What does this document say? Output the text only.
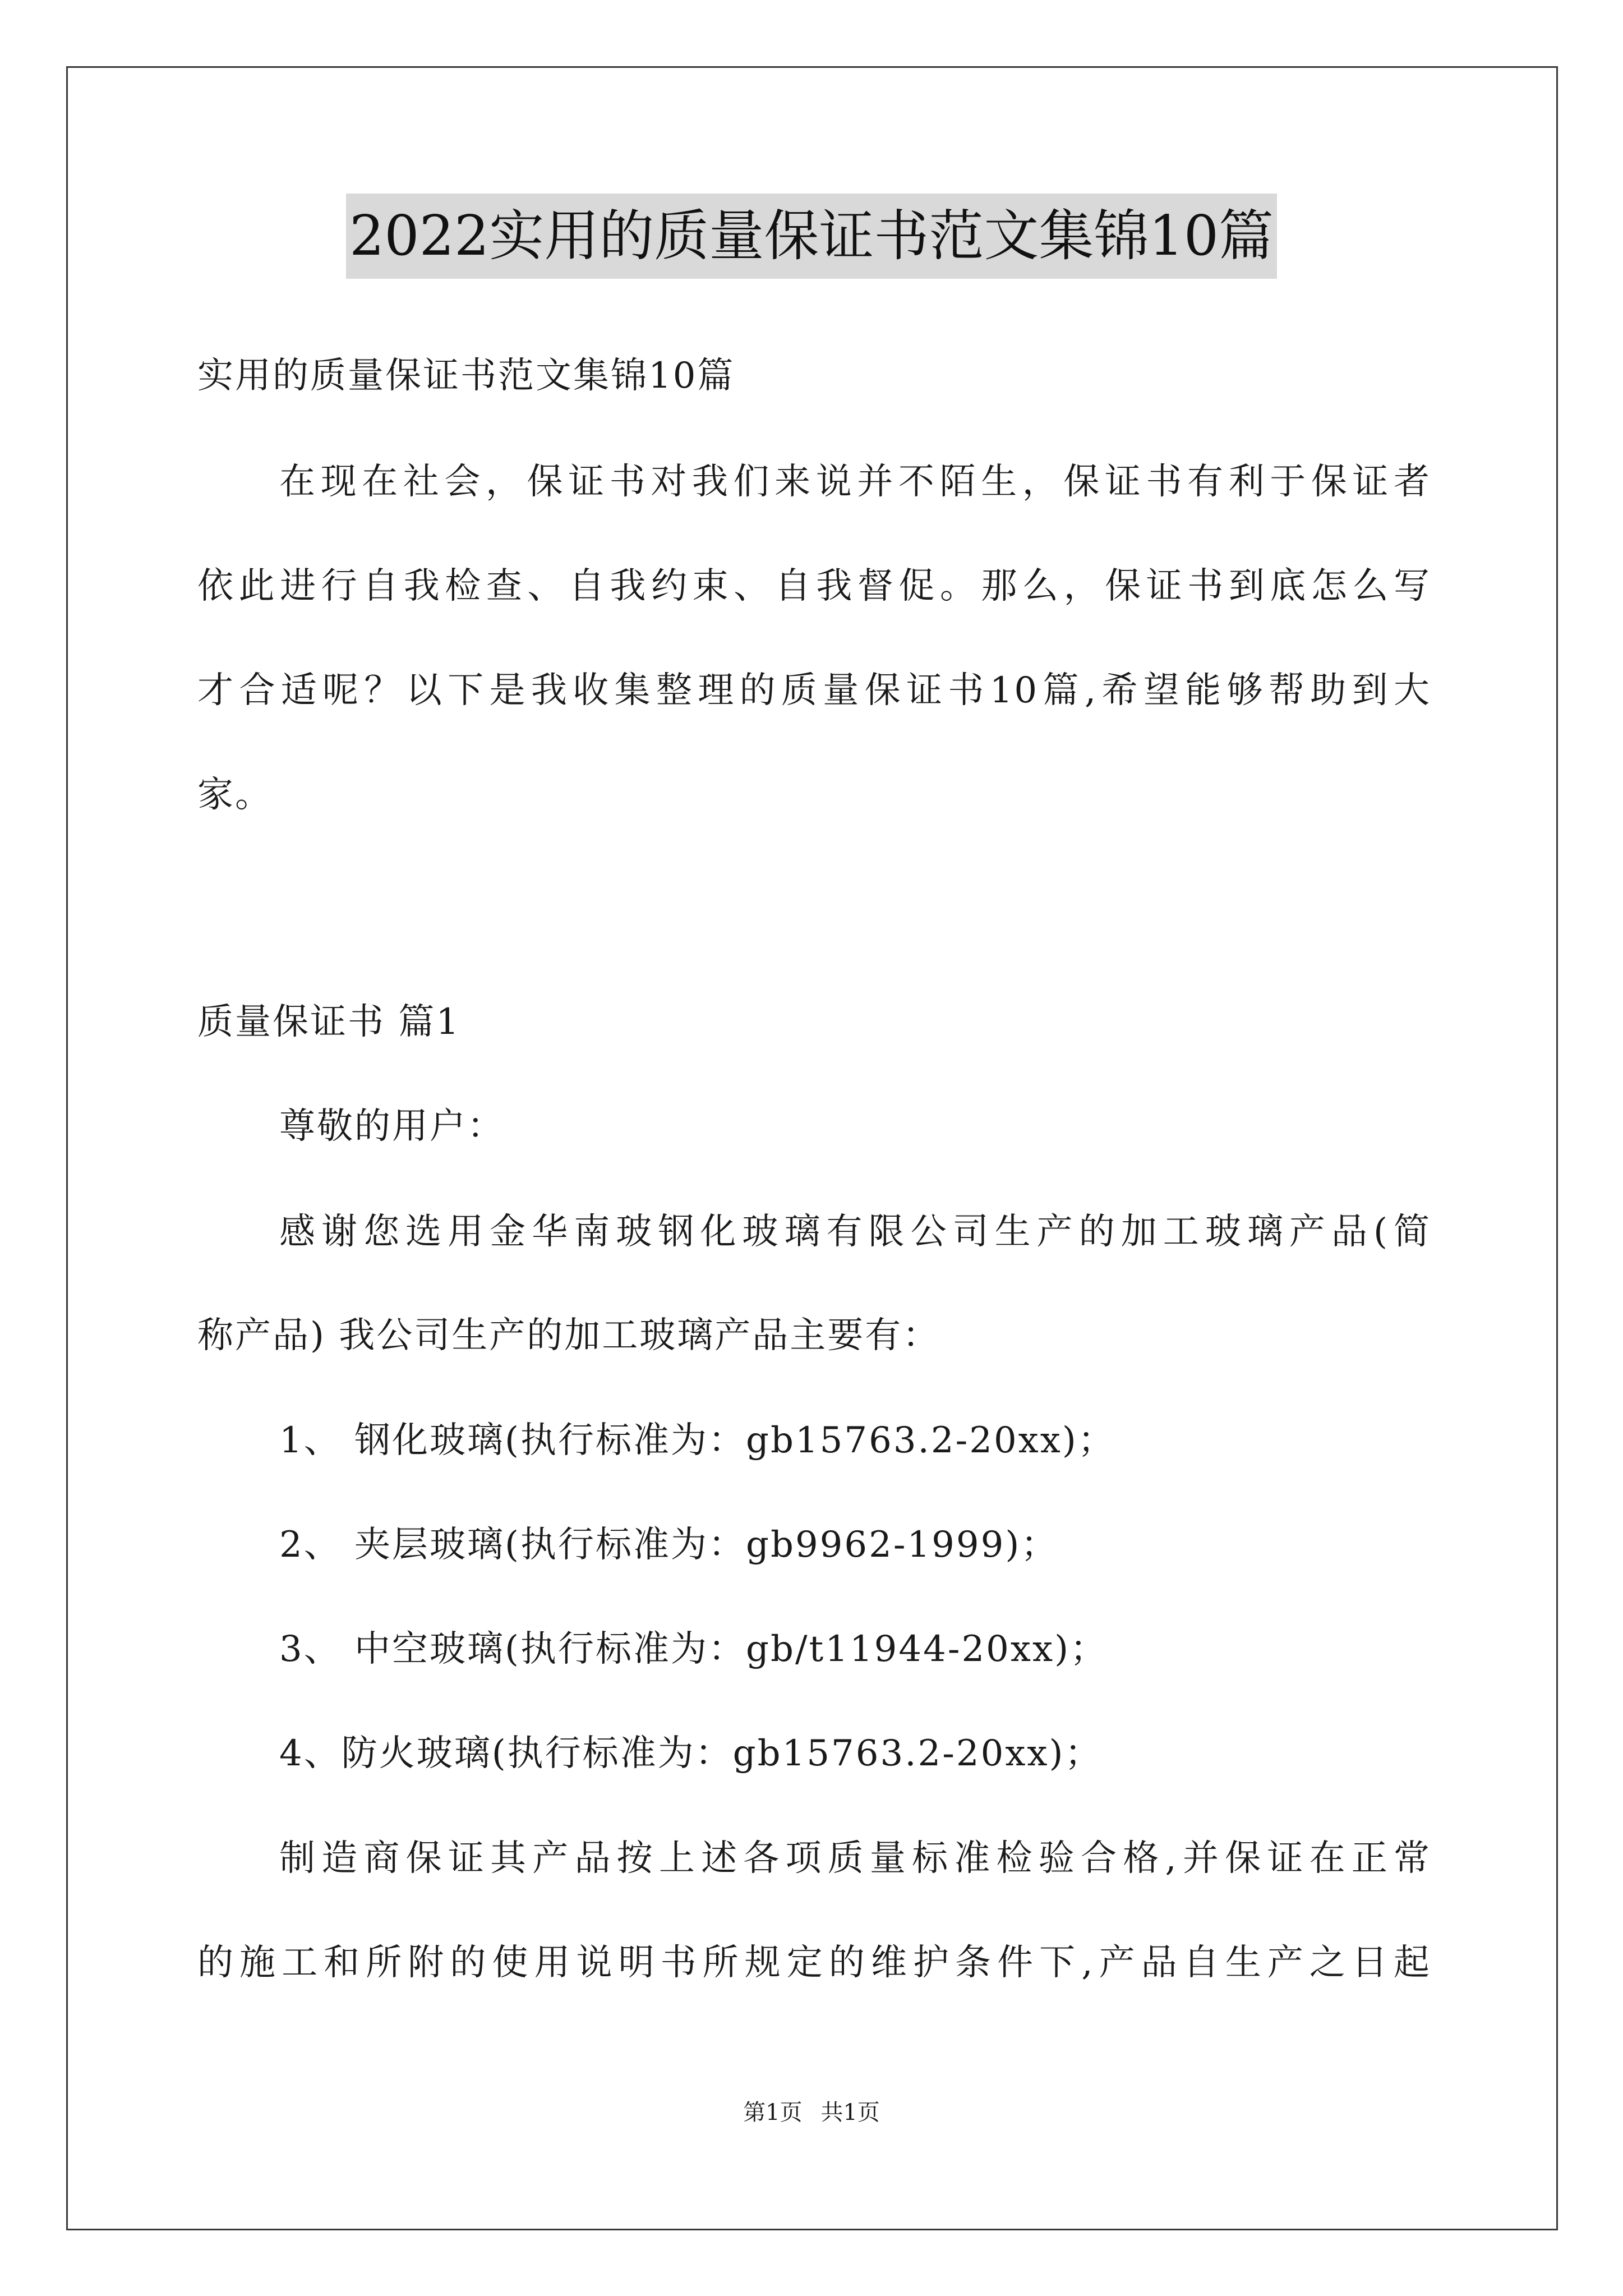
2022实用的质量保证书范文集锦10篇
实用的质量保证书范文集锦10篇
在现在社会，保证书对我们来说并不陌生，保证书有利于保证者
依此进行自我检查、自我约束、自我督促。那么，保证书到底怎么写
才合适呢？以下是我收集整理的质量保证书10篇,希望能够帮助到大
家。
质量保证书 篇1
尊敬的用户：
感谢您选用金华南玻钢化玻璃有限公司生产的加工玻璃产品(简
称产品) 我公司生产的加工玻璃产品主要有：
1、 钢化玻璃(执行标准为：gb15763.2-20xx)；
2、 夹层玻璃(执行标准为：gb9962-1999)；
3、 中空玻璃(执行标准为：gb/t11944-20xx)；
4、防火玻璃(执行标准为：gb15763.2-20xx)；
制造商保证其产品按上述各项质量标准检验合格,并保证在正常
的施工和所附的使用说明书所规定的维护条件下,产品自生产之日起
第1页 共1页
